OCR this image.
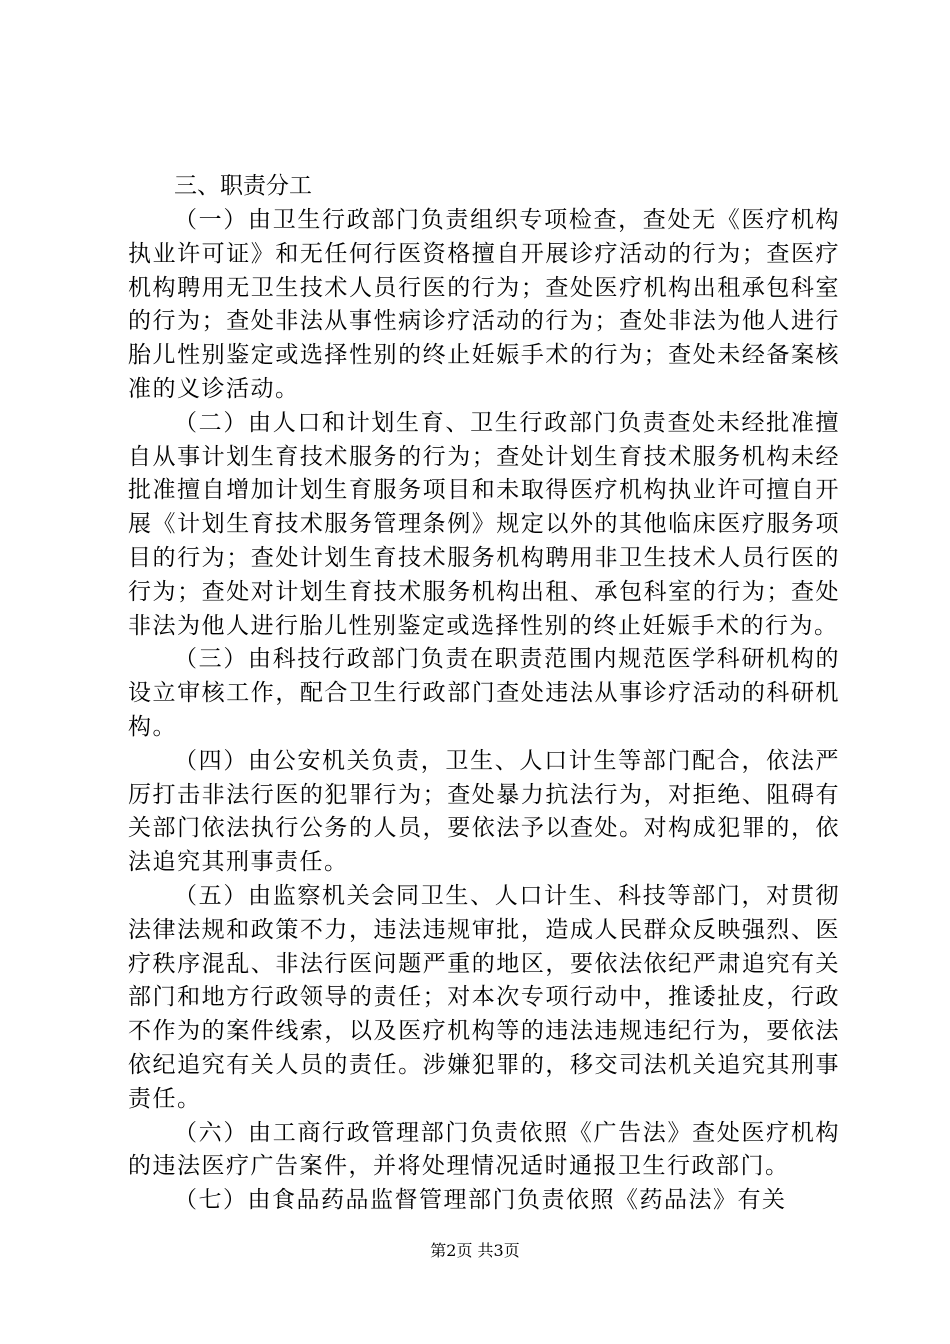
三、职责分工

（一）由卫生行政部门负责组织专项检查，查处无《医疗机构执业许可证》和无任何行医资格擅自开展诊疗活动的行为；查医疗机构聘用无卫生技术人员行医的行为；查处医疗机构出租承包科室的行为；查处非法从事性病诊疗活动的行为；查处非法为他人进行胎儿性别鉴定或选择性别的终止妊娠手术的行为；查处未经备案核准的义诊活动。

（二）由人口和计划生育、卫生行政部门负责查处未经批准擅自从事计划生育技术服务的行为；查处计划生育技术服务机构未经批准擅自增加计划生育服务项目和未取得医疗机构执业许可擅自开展《计划生育技术服务管理条例》规定以外的其他临床医疗服务项目的行为；查处计划生育技术服务机构聘用非卫生技术人员行医的行为；查处对计划生育技术服务机构出租、承包科室的行为；查处非法为他人进行胎儿性别鉴定或选择性别的终止妊娠手术的行为。

（三）由科技行政部门负责在职责范围内规范医学科研机构的设立审核工作，配合卫生行政部门查处违法从事诊疗活动的科研机构。

（四）由公安机关负责，卫生、人口计生等部门配合，依法严厉打击非法行医的犯罪行为；查处暴力抗法行为，对拒绝、阻碍有关部门依法执行公务的人员，要依法予以查处。对构成犯罪的，依法追究其刑事责任。

（五）由监察机关会同卫生、人口计生、科技等部门，对贯彻法律法规和政策不力，违法违规审批，造成人民群众反映强烈、医疗秩序混乱、非法行医问题严重的地区，要依法依纪严肃追究有关部门和地方行政领导的责任；对本次专项行动中，推诿扯皮，行政不作为的案件线索，以及医疗机构等的违法违规违纪行为，要依法依纪追究有关人员的责任。涉嫌犯罪的，移交司法机关追究其刑事责任。

（六）由工商行政管理部门负责依照《广告法》查处医疗机构的违法医疗广告案件，并将处理情况适时通报卫生行政部门。

（七）由食品药品监督管理部门负责依照《药品法》有关

第2页 共3页
